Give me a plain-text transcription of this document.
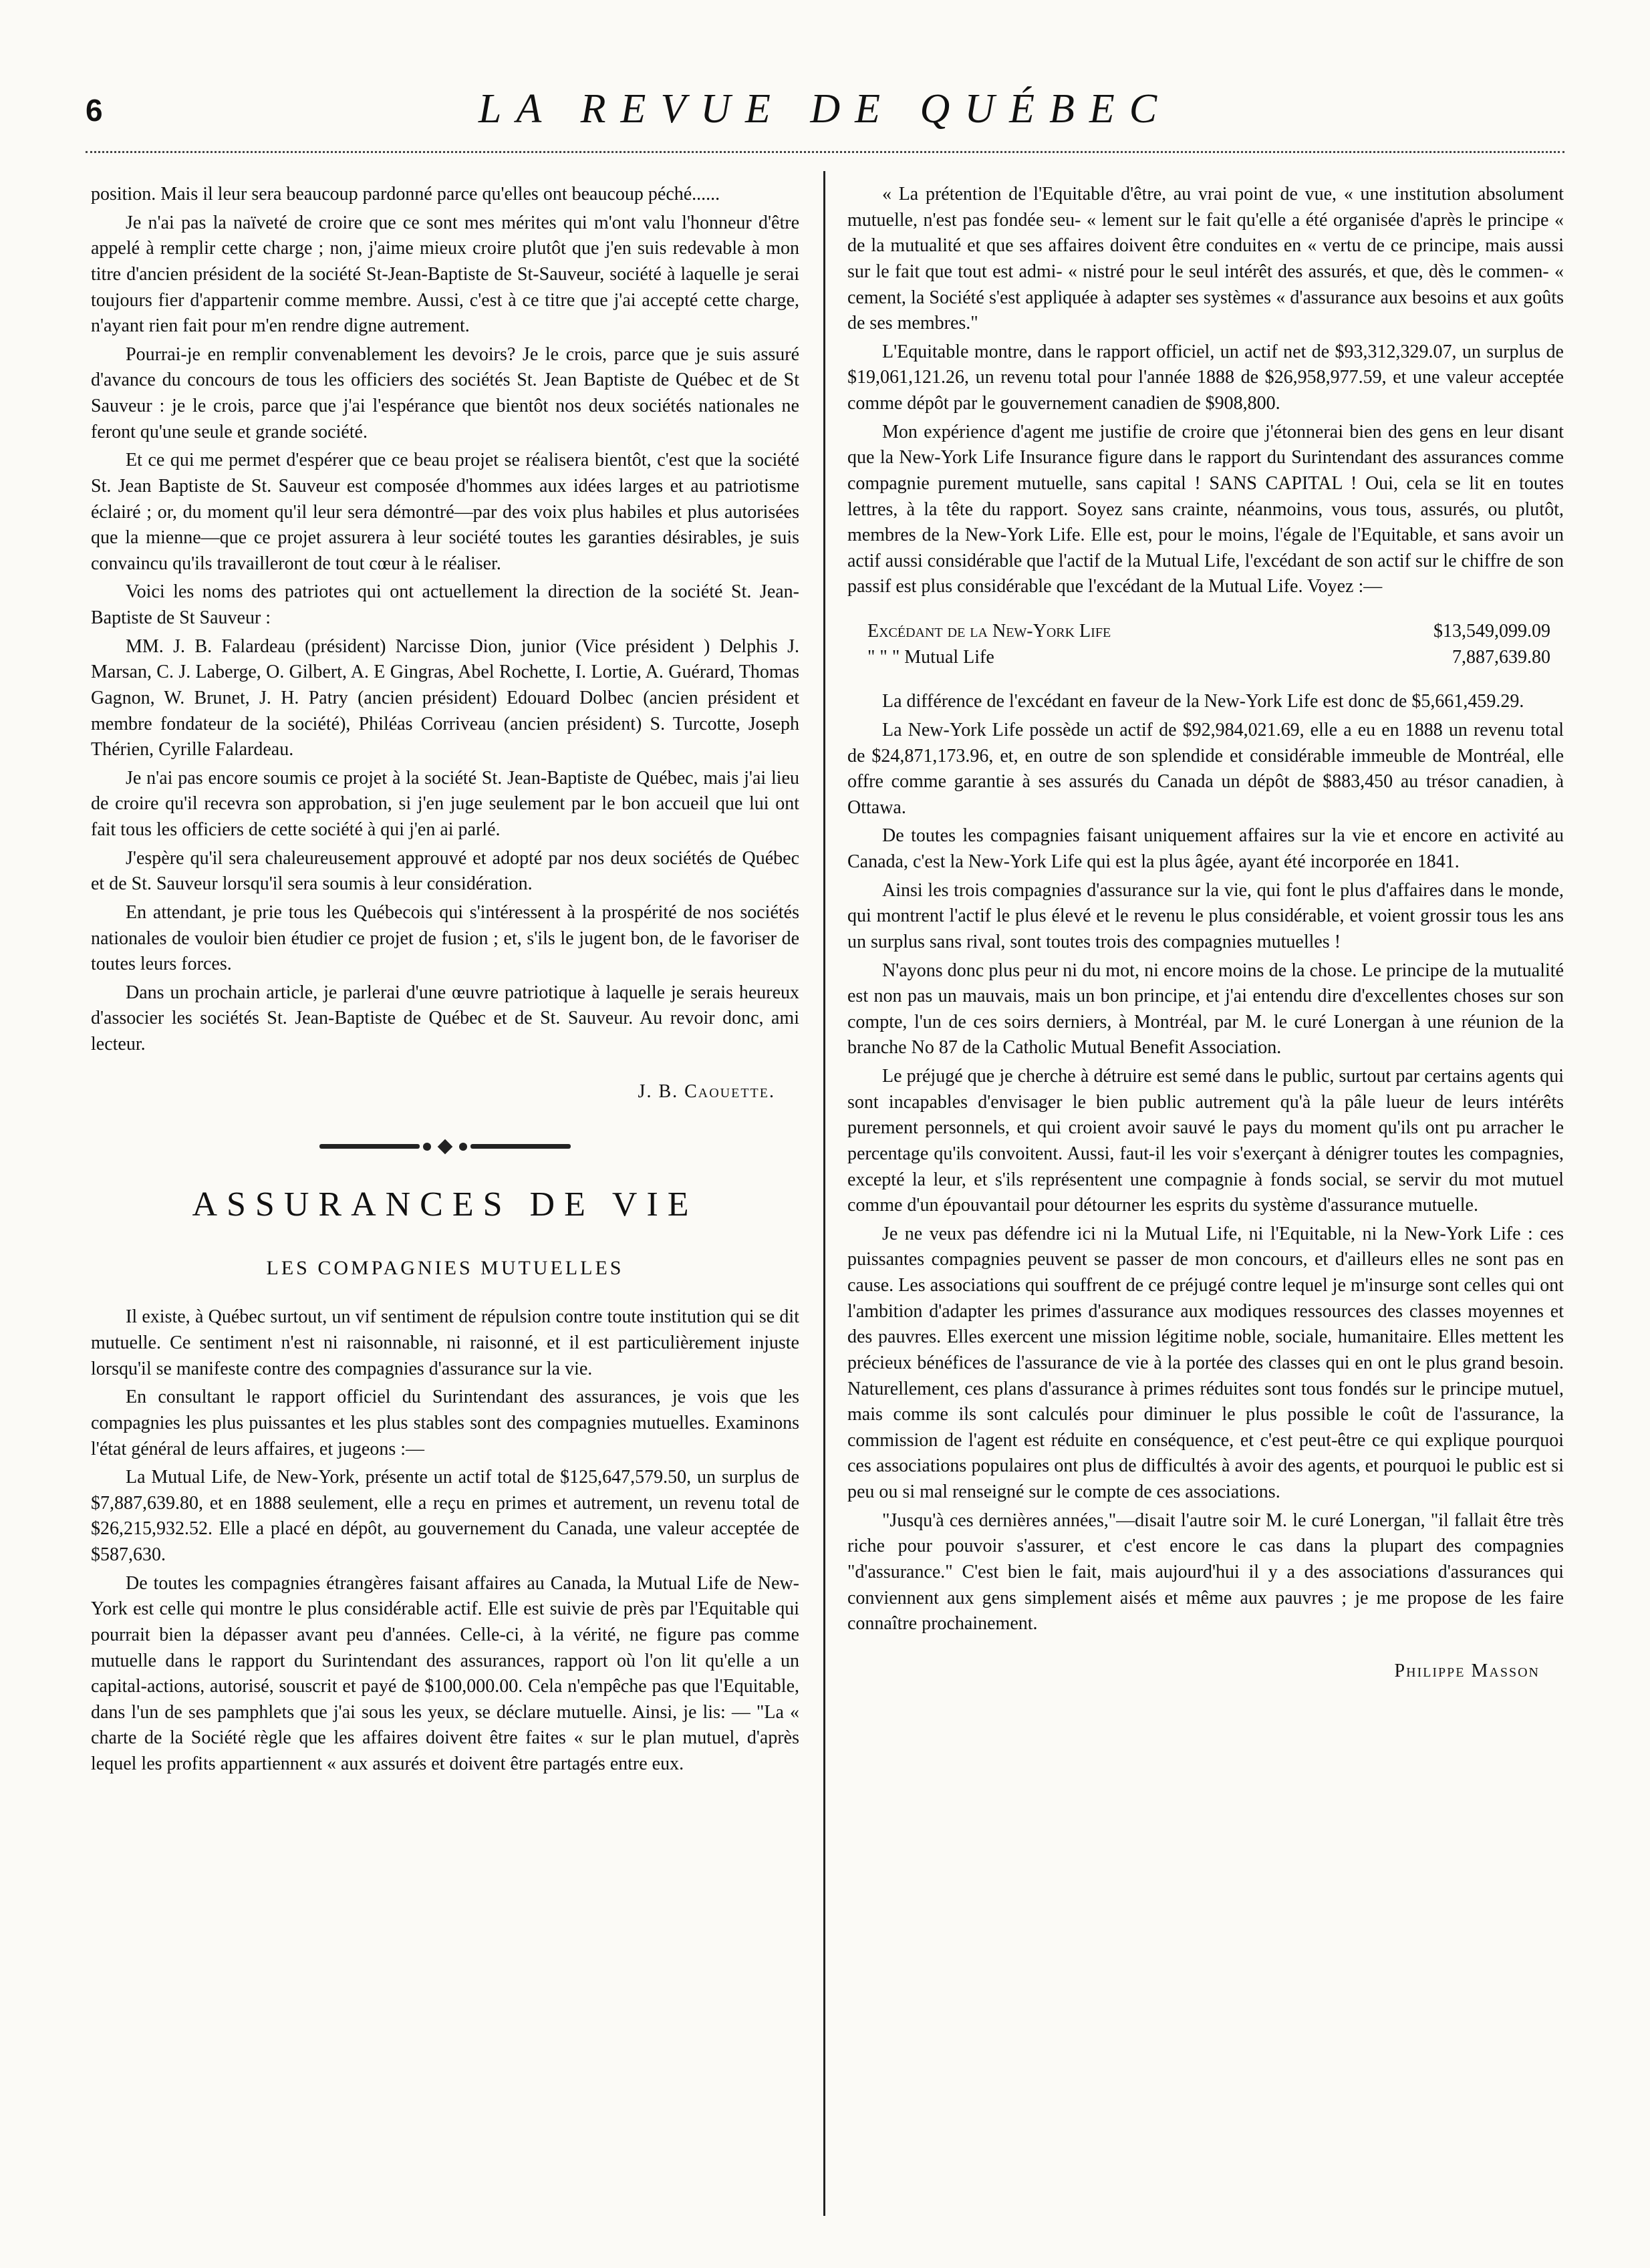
6	LA REVUE DE QUÉBEC

position. Mais il leur sera beaucoup pardonné parce qu'elles ont beaucoup péché......

Je n'ai pas la naïveté de croire que ce sont mes mérites qui m'ont valu l'honneur d'être appelé à remplir cette charge ; non, j'aime mieux croire plutôt que j'en suis redevable à mon titre d'ancien président de la société St-Jean-Baptiste de St-Sauveur, société à laquelle je serai toujours fier d'appartenir comme membre. Aussi, c'est à ce titre que j'ai accepté cette charge, n'ayant rien fait pour m'en rendre digne autrement.

Pourrai-je en remplir convenablement les devoirs? Je le crois, parce que je suis assuré d'avance du concours de tous les officiers des sociétés St. Jean Baptiste de Québec et de St Sauveur : je le crois, parce que j'ai l'espérance que bientôt nos deux sociétés nationales ne feront qu'une seule et grande société.

Et ce qui me permet d'espérer que ce beau projet se réalisera bientôt, c'est que la société St. Jean Baptiste de St. Sauveur est composée d'hommes aux idées larges et au patriotisme éclairé ; or, du moment qu'il leur sera démontré—par des voix plus habiles et plus autorisées que la mienne—que ce projet assurera à leur société toutes les garanties désirables, je suis convaincu qu'ils travailleront de tout cœur à le réaliser.

Voici les noms des patriotes qui ont actuellement la direction de la société St. Jean-Baptiste de St Sauveur :

MM. J. B. Falardeau (président) Narcisse Dion, junior (Vice président ) Delphis J. Marsan, C. J. Laberge, O. Gilbert, A. E Gingras, Abel Rochette, I. Lortie, A. Guérard, Thomas Gagnon, W. Brunet, J. H. Patry (ancien président) Edouard Dolbec (ancien président et membre fondateur de la société), Philéas Corriveau (ancien président) S. Turcotte, Joseph Thérien, Cyrille Falardeau.

Je n'ai pas encore soumis ce projet à la société St. Jean-Baptiste de Québec, mais j'ai lieu de croire qu'il recevra son approbation, si j'en juge seulement par le bon accueil que lui ont fait tous les officiers de cette société à qui j'en ai parlé.

J'espère qu'il sera chaleureusement approuvé et adopté par nos deux sociétés de Québec et de St. Sauveur lorsqu'il sera soumis à leur considération.

En attendant, je prie tous les Québecois qui s'intéressent à la prospérité de nos sociétés nationales de vouloir bien étudier ce projet de fusion ; et, s'ils le jugent bon, de le favoriser de toutes leurs forces.

Dans un prochain article, je parlerai d'une œuvre patriotique à laquelle je serais heureux d'associer les sociétés St. Jean-Baptiste de Québec et de St. Sauveur. Au revoir donc, ami lecteur.

J. B. Caouette.
ASSURANCES DE VIE
LES COMPAGNIES MUTUELLES

Il existe, à Québec surtout, un vif sentiment de répulsion contre toute institution qui se dit mutuelle. Ce sentiment n'est ni raisonnable, ni raisonné, et il est particulièrement injuste lorsqu'il se manifeste contre des compagnies d'assurance sur la vie.

En consultant le rapport officiel du Surintendant des assurances, je vois que les compagnies les plus puissantes et les plus stables sont des compagnies mutuelles. Examinons l'état général de leurs affaires, et jugeons :—

La Mutual Life, de New-York, présente un actif total de $125,647,579.50, un surplus de $7,887,639.80, et en 1888 seulement, elle a reçu en primes et autrement, un revenu total de $26,215,932.52. Elle a placé en dépôt, au gouvernement du Canada, une valeur acceptée de $587,630.

De toutes les compagnies étrangères faisant affaires au Canada, la Mutual Life de New-York est celle qui montre le plus considérable actif. Elle est suivie de près par l'Equitable qui pourrait bien la dépasser avant peu d'années. Celle-ci, à la vérité, ne figure pas comme mutuelle dans le rapport du Surintendant des assurances, rapport où l'on lit qu'elle a un capital-actions, autorisé, souscrit et payé de $100,000.00. Cela n'empêche pas que l'Equitable, dans l'un de ses pamphlets que j'ai sous les yeux, se déclare mutuelle. Ainsi, je lis: — "La « charte de la Société règle que les affaires doivent être faites « sur le plan mutuel, d'après lequel les profits appartiennent « aux assurés et doivent être partagés entre eux.

« La prétention de l'Equitable d'être, au vrai point de vue, « une institution absolument mutuelle, n'est pas fondée seu- « lement sur le fait qu'elle a été organisée d'après le principe « de la mutualité et que ses affaires doivent être conduites en « vertu de ce principe, mais aussi sur le fait que tout est admi- « nistré pour le seul intérêt des assurés, et que, dès le commen- « cement, la Société s'est appliquée à adapter ses systèmes « d'assurance aux besoins et aux goûts de ses membres."

L'Equitable montre, dans le rapport officiel, un actif net de $93,312,329.07, un surplus de $19,061,121.26, un revenu total pour l'année 1888 de $26,958,977.59, et une valeur acceptée comme dépôt par le gouvernement canadien de $908,800.

Mon expérience d'agent me justifie de croire que j'étonnerai bien des gens en leur disant que la New-York Life Insurance figure dans le rapport du Surintendant des assurances comme compagnie purement mutuelle, sans capital ! SANS CAPITAL ! Oui, cela se lit en toutes lettres, à la tête du rapport. Soyez sans crainte, néanmoins, vous tous, assurés, ou plutôt, membres de la New-York Life. Elle est, pour le moins, l'égale de l'Equitable, et sans avoir un actif aussi considérable que l'actif de la Mutual Life, l'excédant de son actif sur le chiffre de son passif est plus considérable que l'excédant de la Mutual Life. Voyez :—

Excédant de la New-York Life	$13,549,099.09
" " " Mutual Life	7,887,639.80

La différence de l'excédant en faveur de la New-York Life est donc de $5,661,459.29.

La New-York Life possède un actif de $92,984,021.69, elle a eu en 1888 un revenu total de $24,871,173.96, et, en outre de son splendide et considérable immeuble de Montréal, elle offre comme garantie à ses assurés du Canada un dépôt de $883,450 au trésor canadien, à Ottawa.

De toutes les compagnies faisant uniquement affaires sur la vie et encore en activité au Canada, c'est la New-York Life qui est la plus âgée, ayant été incorporée en 1841.

Ainsi les trois compagnies d'assurance sur la vie, qui font le plus d'affaires dans le monde, qui montrent l'actif le plus élevé et le revenu le plus considérable, et voient grossir tous les ans un surplus sans rival, sont toutes trois des compagnies mutuelles !

N'ayons donc plus peur ni du mot, ni encore moins de la chose. Le principe de la mutualité est non pas un mauvais, mais un bon principe, et j'ai entendu dire d'excellentes choses sur son compte, l'un de ces soirs derniers, à Montréal, par M. le curé Lonergan à une réunion de la branche No 87 de la Catholic Mutual Benefit Association.

Le préjugé que je cherche à détruire est semé dans le public, surtout par certains agents qui sont incapables d'envisager le bien public autrement qu'à la pâle lueur de leurs intérêts purement personnels, et qui croient avoir sauvé le pays du moment qu'ils ont pu arracher le percentage qu'ils convoitent. Aussi, faut-il les voir s'exerçant à dénigrer toutes les compagnies, excepté la leur, et s'ils représentent une compagnie à fonds social, se servir du mot mutuel comme d'un épouvantail pour détourner les esprits du système d'assurance mutuelle.

Je ne veux pas défendre ici ni la Mutual Life, ni l'Equitable, ni la New-York Life : ces puissantes compagnies peuvent se passer de mon concours, et d'ailleurs elles ne sont pas en cause. Les associations qui souffrent de ce préjugé contre lequel je m'insurge sont celles qui ont l'ambition d'adapter les primes d'assurance aux modiques ressources des classes moyennes et des pauvres. Elles exercent une mission légitime noble, sociale, humanitaire. Elles mettent les précieux bénéfices de l'assurance de vie à la portée des classes qui en ont le plus grand besoin. Naturellement, ces plans d'assurance à primes réduites sont tous fondés sur le principe mutuel, mais comme ils sont calculés pour diminuer le plus possible le coût de l'assurance, la commission de l'agent est réduite en conséquence, et c'est peut-être ce qui explique pourquoi ces associations populaires ont plus de difficultés à avoir des agents, et pourquoi le public est si peu ou si mal renseigné sur le compte de ces associations.

"Jusqu'à ces dernières années,"—disait l'autre soir M. le curé Lonergan, "il fallait être très riche pour pouvoir s'assurer, et c'est encore le cas dans la plupart des compagnies "d'assurance." C'est bien le fait, mais aujourd'hui il y a des associations d'assurances qui conviennent aux gens simplement aisés et même aux pauvres ; je me propose de les faire connaître prochainement.

Philippe Masson
